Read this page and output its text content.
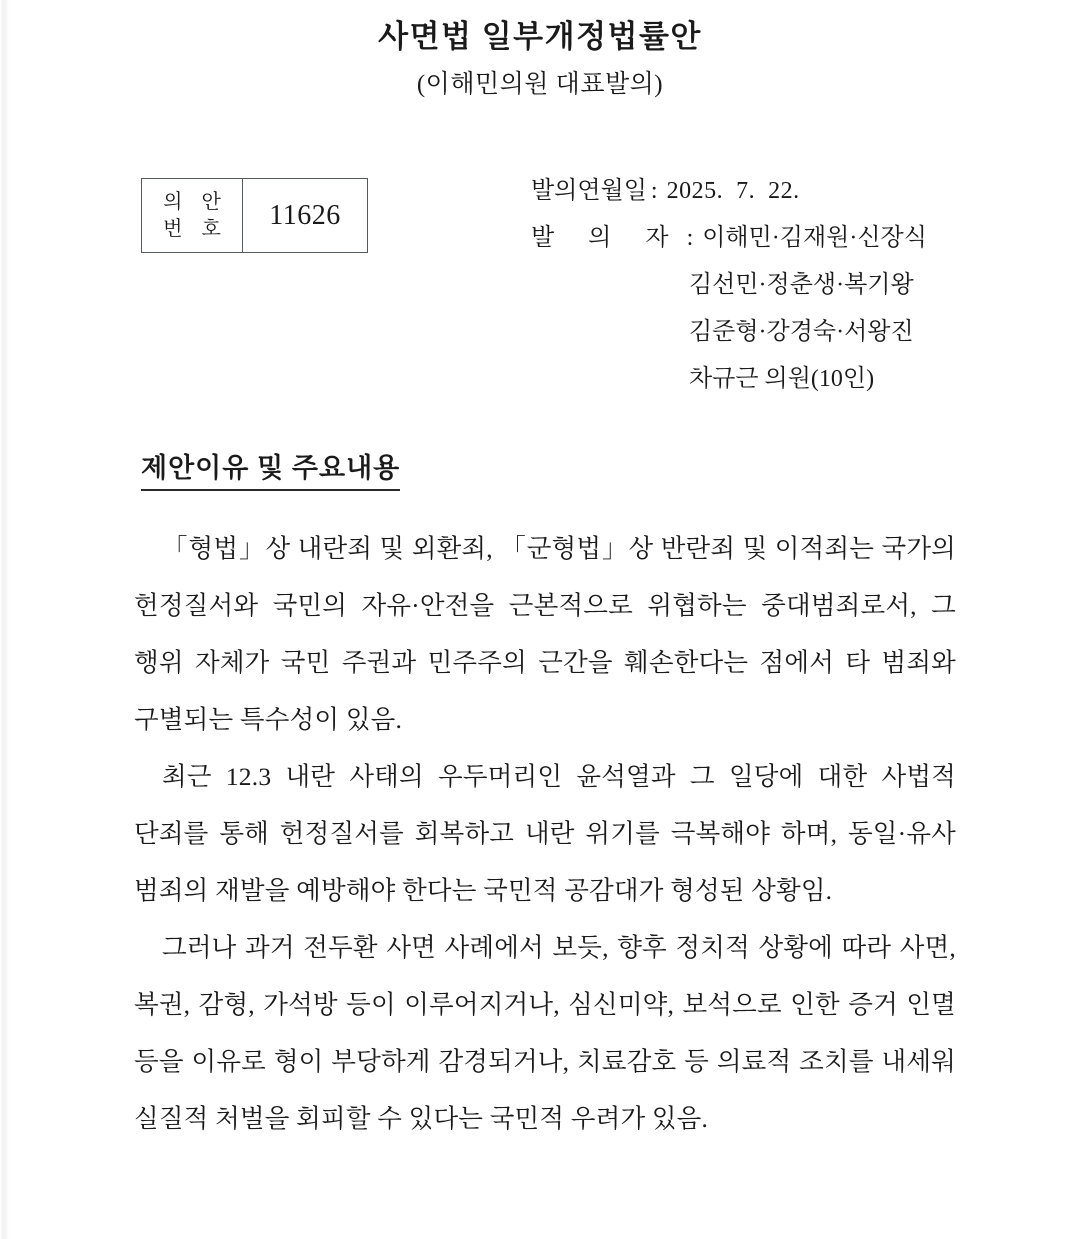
사면법 일부개정법률안
(이해민의원 대표발의)
의 안
번 호	11626
발의연월일 : 2025. 7. 22.
발 의 자 : 이해민·김재원·신장식
김선민·정춘생·복기왕
김준형·강경숙·서왕진
차규근 의원(10인)
제안이유 및 주요내용

「형법」상 내란죄 및 외환죄, 「군형법」상 반란죄 및 이적죄는 국가의 헌정질서와 국민의 자유·안전을 근본적으로 위협하는 중대범죄로서, 그 행위 자체가 국민 주권과 민주주의 근간을 훼손한다는 점에서 타 범죄와 구별되는 특수성이 있음.

최근 12.3 내란 사태의 우두머리인 윤석열과 그 일당에 대한 사법적 단죄를 통해 헌정질서를 회복하고 내란 위기를 극복해야 하며, 동일·유사 범죄의 재발을 예방해야 한다는 국민적 공감대가 형성된 상황임.

그러나 과거 전두환 사면 사례에서 보듯, 향후 정치적 상황에 따라 사면, 복권, 감형, 가석방 등이 이루어지거나, 심신미약, 보석으로 인한 증거 인멸 등을 이유로 형이 부당하게 감경되거나, 치료감호 등 의료적 조치를 내세워 실질적 처벌을 회피할 수 있다는 국민적 우려가 있음.
